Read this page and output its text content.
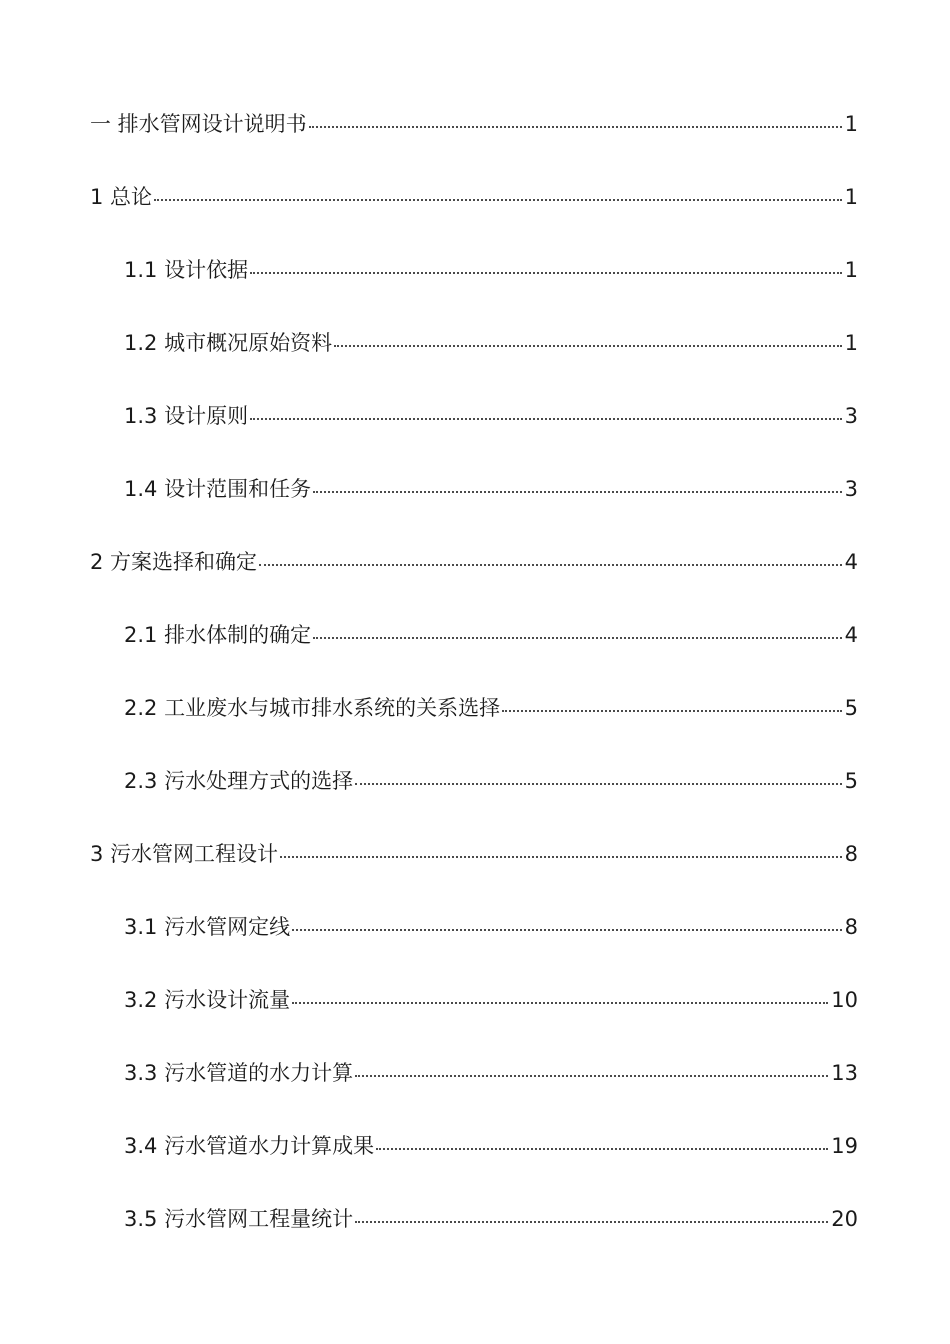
一 排水管网设计说明书	1
1 总论	1
1.1 设计依据	1
1.2 城市概况原始资料	1
1.3 设计原则	3
1.4 设计范围和任务	3
2 方案选择和确定	4
2.1 排水体制的确定	4
2.2 工业废水与城市排水系统的关系选择	5
2.3 污水处理方式的选择	5
3 污水管网工程设计	8
3.1 污水管网定线	8
3.2 污水设计流量	10
3.3 污水管道的水力计算	13
3.4 污水管道水力计算成果	19
3.5 污水管网工程量统计	20
